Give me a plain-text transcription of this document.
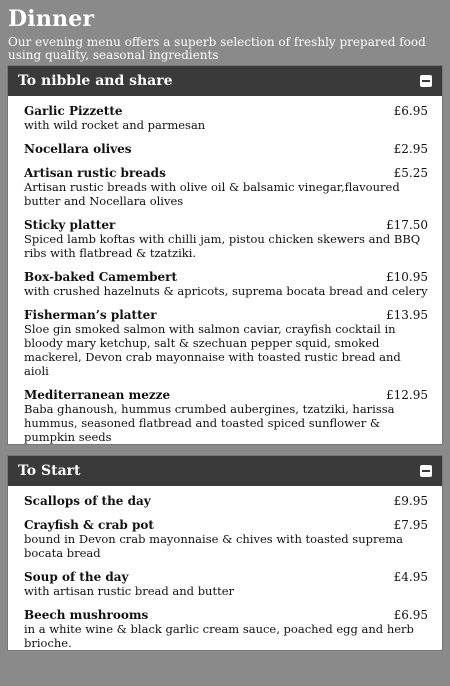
Dinner

Our evening menu offers a superb selection of freshly prepared food using quality, seasonal ingredients

To nibble and share
Garlic Pizzette	£6.95
with wild rocket and parmesan
Nocellara olives	£2.95
Artisan rustic breads	£5.25
Artisan rustic breads with olive oil & balsamic vinegar,flavoured butter and Nocellara olives
Sticky platter	£17.50
Spiced lamb koftas with chilli jam, pistou chicken skewers and BBQ ribs with flatbread & tzatziki.
Box-baked Camembert	£10.95
with crushed hazelnuts & apricots, suprema bocata bread and celery
Fisherman’s platter	£13.95
Sloe gin smoked salmon with salmon caviar, crayfish cocktail in bloody mary ketchup, salt & szechuan pepper squid, smoked mackerel, Devon crab mayonnaise with toasted rustic bread and aioli
Mediterranean mezze	£12.95
Baba ghanoush, hummus crumbed aubergines, tzatziki, harissa hummus, seasoned flatbread and toasted spiced sunflower & pumpkin seeds
To Start
Scallops of the day	£9.95
Crayfish & crab pot	£7.95
bound in Devon crab mayonnaise & chives with toasted suprema bocata bread
Soup of the day	£4.95
with artisan rustic bread and butter
Beech mushrooms	£6.95
in a white wine & black garlic cream sauce, poached egg and herb brioche.
